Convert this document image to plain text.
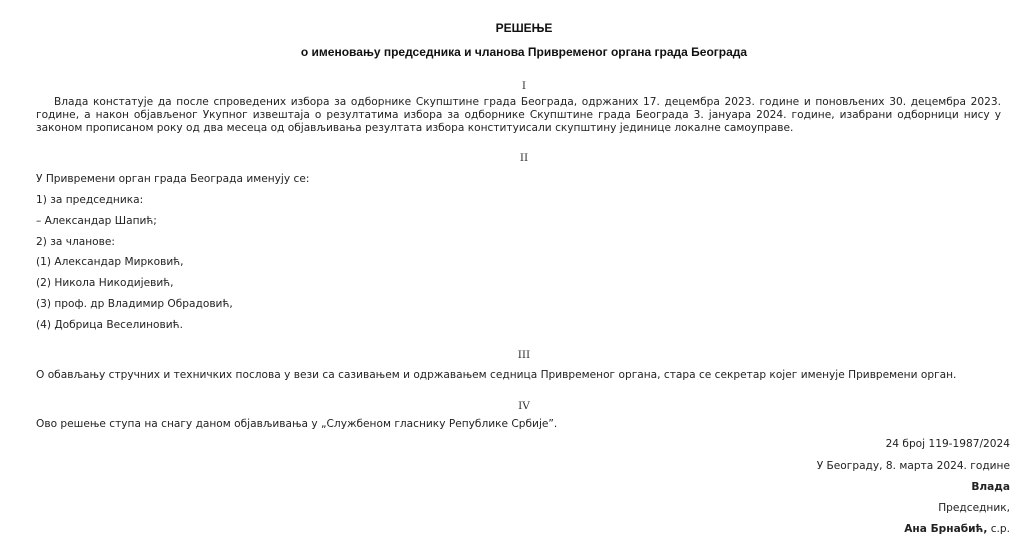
РЕШЕЊЕ
о именовању председника и чланова Привременог органа града Београда
I
Влада констатује да после спроведених избора за одборнике Скупштине града Београда, одржаних 17. децембра 2023. године и поновљених 30. децембра 2023. године, а након објављеног Укупног извештаја о резултатима избора за одборнике Скупштине града Београда 3. јануара 2024. године, изабрани одборници нису у законом прописаном року од два месеца од објављивања резултата избора конституисали скупштину јединице локалне самоуправе.
II
У Привремени орган града Београда именују се:
1) за председника:
– Александар Шапић;
2) за чланове:
(1) Александар Мирковић,
(2) Никола Никодијевић,
(3) проф. др Владимир Обрадовић,
(4) Добрица Веселиновић.
III
О обављању стручних и техничких послова у вези са сазивањем и одржавањем седница Привременог органа, стара се секретар којег именује Привремени орган.
IV
Ово решење ступа на снагу даном објављивања у „Службеном гласнику Републике Србије”.
24 број 119-1987/2024
У Београду, 8. марта 2024. године
Влада
Председник,
Ана Брнабић, с.р.
